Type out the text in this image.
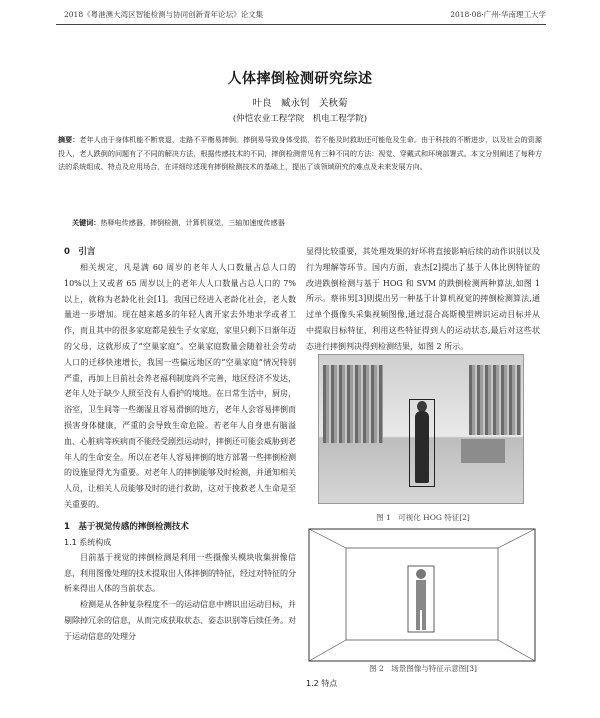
2018《粤港澳大湾区智能检测与协同创新青年论坛》论文集	2018·08·广州·华南理工大学
人体摔倒检测研究综述
叶良　臧永钊　关秋菊
(仲恺农业工程学院　机电工程学院)
摘要：老年人由于身体机能不断衰退，走路不平衡易摔倒。摔倒易导致身体受损，若不能及时救助还可能危及生命。由于科技的不断进步，以及社会的资源投入，老人跌倒的问题有了不同的解决方法，根据传感技术的不同，摔倒检测常见有三种不同的方法：视觉、穿戴式和环境部署式。本文分别阐述了每种方法的系统组成、特点及应用场合，在详细综述现有摔倒检测技术的基础上，提出了该领域研究的难点及未来发展方向。
关键词：热释电传感器，摔倒检测，计算机视觉，三轴加速度传感器

0　引言

相关规定，凡是满 60 周岁的老年人人口数量占总人口的 10%以上又或者 65 周岁以上的老年人人口数量占总人口的 7%以上，就称为老龄化社会[1]。我国已经进入老龄化社会，老人数量进一步增加。现在越来越多的年轻人离开家去外地求学或者工作，而且其中的很多家庭都是独生子女家庭，家里只剩下日渐年迈的父母，这就形成了“空巢家庭”。空巢家庭数量会随着社会劳动人口的迁移快速增长，我国一些偏远地区的“空巢家庭”情况特别严重，再加上目前社会养老福利制度尚不完善，地区经济不发达，老年人处于缺少人照至没有人看护的境地。在日常生活中，厨房，浴室，卫生间等一些潮湿且容易滑倒的地方，老年人会容易摔倒而损害身体健康，严重的会导致生命危险。若老年人自身患有脑溢血、心脏病等疾病而不能经受剧烈运动时，摔倒还可能会威胁到老年人的生命安全。所以在老年人容易摔倒的地方部署一些摔倒检测的设施显得尤为重要。对老年人的摔倒能够及时检测，并通知相关人员，让相关人员能够及时的进行救助，这对于挽救老人生命是至关重要的。

1　基于视觉传感的摔倒检测技术

1.1 系统构成

目前基于视觉的摔倒检测是利用一些摄像头模块收集拼像信息，利用图像处理的技术提取出人体摔倒的特征，经过对特征的分析来得出人体的当前状态。

检测是从各种复杂程度不一的运动信息中辨识出运动目标，并剔除掉冗余的信息，从而完成获取状态、姿态识别等后续任务。对于运动信息的处理分

显得比较重要，其处理效果的好坏将直接影响后续的动作识别以及行为理解等环节。国内方面，袁杰[2]提出了基于人体比例特征的改进跌倒检测与基于 HOG 和 SVM 的跌倒检测两种算法,如图 1 所示。蔡祎男[3]则提出另一种基于计算机视觉的摔倒检测算法,通过单个摄像头采集视频图像,通过混合高斯模型辨识运动目标并从中提取目标特征，利用这些特征得到人的运动状态,最后对这些状态进行摔倒判决得到检测结果，如图 2 所示。

图 1　可视化 HOG 特征[2]
图 2　场景图像与特征示意图[3]
1.2 特点
